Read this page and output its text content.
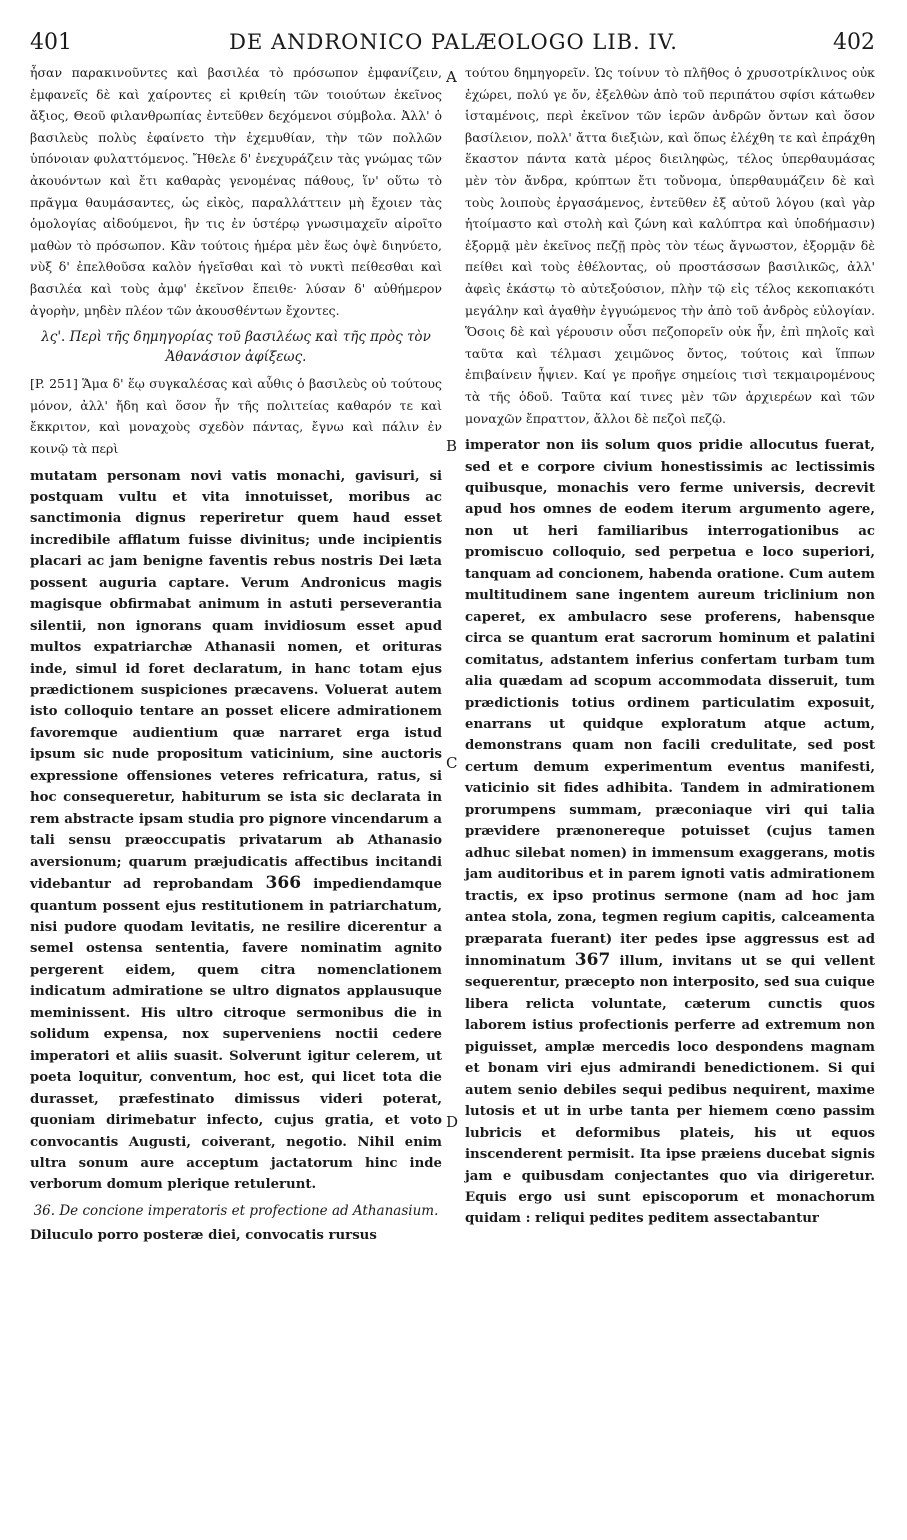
401	DE ANDRONICO PALÆOLOGO LIB. IV.	402

ἦσαν παρακινοῦντες καὶ βασιλέα τὸ πρόσωπον ἐμφανίζειν, ἐμφανεῖς δὲ καὶ χαίροντες εἰ κριθείη τῶν τοιούτων ἐκεῖνος ἄξιος, Θεοῦ φιλανθρωπίας ἐντεῦθεν δεχόμενοι σύμβολα. Ἀλλ' ὁ βασιλεὺς πολὺς ἐφαίνετο τὴν ἐχεμυθίαν, τὴν τῶν πολλῶν ὑπόνοιαν φυλαττόμενος. Ἤθελε δ' ἐνεχυράζειν τὰς γνώμας τῶν ἀκουόντων καὶ ἔτι καθαρὰς γενομένας πάθους, ἵν' οὕτω τὸ πρᾶγμα θαυμάσαντες, ὡς εἰκὸς, παραλλάττειν μὴ ἔχοιεν τὰς ὁμολογίας αἰδούμενοι, ἣν τις ἐν ὑστέρῳ γνωσιμαχεῖν αἱροῖτο μαθὼν τὸ πρόσωπον. Κἂν τούτοις ἡμέρα μὲν ἕως ὀψὲ διηνύετο, νὺξ δ' ἐπελθοῦσα καλὸν ἡγεῖσθαι καὶ τὸ νυκτὶ πείθεσθαι καὶ βασιλέα καὶ τοὺς ἀμφ' ἐκεῖνον ἔπειθε· λύσαν δ' αὐθήμερον ἀγορὴν, μηδὲν πλέον τῶν ἀκουσθέντων ἔχοντες.

λς'. Περὶ τῆς δημηγορίας τοῦ βασιλέως καὶ τῆς πρὸς τὸν Ἀθανάσιον ἀφίξεως.

[P. 251] Ἅμα δ' ἕῳ συγκαλέσας καὶ αὖθις ὁ βασιλεὺς οὐ τούτους μόνον, ἀλλ' ἤδη καὶ ὅσον ἦν τῆς πολιτείας καθαρόν τε καὶ ἔκκριτον, καὶ μοναχοὺς σχεδὸν πάντας, ἔγνω καὶ πάλιν ἐν κοινῷ τὰ περὶ

mutatam personam novi vatis monachi, gavisuri, si postquam vultu et vita innotuisset, moribus ac sanctimonia dignus reperiretur quem haud esset incredibile afflatum fuisse divinitus; unde incipientis placari ac jam benigne faventis rebus nostris Dei læta possent auguria captare. Verum Andronicus magis magisque obfirmabat animum in astuti perseverantia silentii, non ignorans quam invidiosum esset apud multos expatriarchæ Athanasii nomen, et orituras inde, simul id foret declaratum, in hanc totam ejus prædictionem suspiciones præcavens. Voluerat autem isto colloquio tentare an posset elicere admirationem favoremque audientium quæ narraret erga istud ipsum sic nude propositum vaticinium, sine auctoris expressione offensiones veteres refricatura, ratus, si hoc consequeretur, habiturum se ista sic declarata in rem abstracte ipsam studia pro pignore vincendarum a tali sensu præoccupatis privatarum ab Athanasio aversionum; quarum præjudicatis affectibus incitandi videbantur ad reprobandam 366 impediendamque quantum possent ejus restitutionem in patriarchatum, nisi pudore quodam levitatis, ne resilire dicerentur a semel ostensa sententia, favere nominatim agnito pergerent eidem, quem citra nomenclationem indicatum admiratione se ultro dignatos applausuque meminissent. His ultro citroque sermonibus die in solidum expensa, nox superveniens noctii cedere imperatori et aliis suasit. Solverunt igitur celerem, ut poeta loquitur, conventum, hoc est, qui licet tota die durasset, præfestinato dimissus videri poterat, quoniam dirimebatur infecto, cujus gratia, et voto convocantis Augusti, coiverant, negotio. Nihil enim ultra sonum aure acceptum jactatorum hinc inde verborum domum plerique retulerunt.

36. De concione imperatoris et profectione ad Athanasium.

Diluculo porro posteræ diei, convocatis rursus

τούτου δημηγορεῖν. Ὡς τοίνυν τὸ πλῆθος ὁ χρυσοτρίκλινος οὐκ ἐχώρει, πολύ γε ὄν, ἐξελθὼν ἀπὸ τοῦ περιπάτου σφίσι κάτωθεν ἱσταμένοις, περὶ ἐκεῖνον τῶν ἱερῶν ἀνδρῶν ὄντων καὶ ὅσον βασίλειον, πολλ' ἄττα διεξιὼν, καὶ ὅπως ἐλέχθη τε καὶ ἐπράχθη ἕκαστον πάντα κατὰ μέρος διειληφὼς, τέλος ὑπερθαυμάσας μὲν τὸν ἄνδρα, κρύπτων ἔτι τοὔνομα, ὑπερθαυμάζειν δὲ καὶ τοὺς λοιποὺς ἐργασάμενος, ἐντεῦθεν ἐξ αὐτοῦ λόγου (καὶ γὰρ ἡτοίμαστο καὶ στολὴ καὶ ζώνη καὶ καλύπτρα καὶ ὑποδήμασιν) ἐξορμᾷ μὲν ἐκεῖνος πεζῇ πρὸς τὸν τέως ἄγνωστον, ἐξορμᾷν δὲ πείθει καὶ τοὺς ἐθέλοντας, οὐ προστάσσων βασιλικῶς, ἀλλ' ἀφεὶς ἑκάστῳ τὸ αὐτεξούσιον, πλὴν τῷ εἰς τέλος κεκοπιακότι μεγάλην καὶ ἀγαθὴν ἐγγυώμενος τὴν ἀπὸ τοῦ ἀνδρὸς εὐλογίαν. Ὅσοις δὲ καὶ γέρουσιν οὖσι πεζοπορεῖν οὐκ ἦν, ἐπὶ πηλοῖς καὶ ταῦτα καὶ τέλμασι χειμῶνος ὄντος, τούτοις καὶ ἵππων ἐπιβαίνειν ἧψιεν. Καί γε προῆγε σημείοις τισὶ τεκμαιρομένους τὰ τῆς ὁδοῦ. Ταῦτα καί τινες μὲν τῶν ἀρχιερέων καὶ τῶν μοναχῶν ἔπραττον, ἄλλοι δὲ πεζοὶ πεζῷ.

imperator non iis solum quos pridie allocutus fuerat, sed et e corpore civium honestissimis ac lectissimis quibusque, monachis vero ferme universis, decrevit apud hos omnes de eodem iterum argumento agere, non ut heri familiaribus interrogationibus ac promiscuo colloquio, sed perpetua e loco superiori, tanquam ad concionem, habenda oratione. Cum autem multitudinem sane ingentem aureum triclinium non caperet, ex ambulacro sese proferens, habensque circa se quantum erat sacrorum hominum et palatini comitatus, adstantem inferius confertam turbam tum alia quædam ad scopum accommodata disseruit, tum prædictionis totius ordinem particulatim exposuit, enarrans ut quidque exploratum atque actum, demonstrans quam non facili credulitate, sed post certum demum experimentum eventus manifesti, vaticinio sit fides adhibita. Tandem in admirationem prorumpens summam, præconiaque viri qui talia prævidere prænonereque potuisset (cujus tamen adhuc silebat nomen) in immensum exaggerans, motis jam auditoribus et in parem ignoti vatis admirationem tractis, ex ipso protinus sermone (nam ad hoc jam antea stola, zona, tegmen regium capitis, calceamenta præparata fuerant) iter pedes ipse aggressus est ad innominatum 367 illum, invitans ut se qui vellent sequerentur, præcepto non interposito, sed sua cuique libera relicta voluntate, cæterum cunctis quos laborem istius profectionis perferre ad extremum non piguisset, amplæ mercedis loco despondens magnam et bonam viri ejus admirandi benedictionem. Si qui autem senio debiles sequi pedibus nequirent, maxime lutosis et ut in urbe tanta per hiemem cœno passim lubricis et deformibus plateis, his ut equos inscenderent permisit. Ita ipse præiens ducebat signis jam e quibusdam conjectantes quo via dirigeretur. Equis ergo usi sunt episcoporum et monachorum quidam : reliqui pedites peditem assectabantur

A
B
C
D
